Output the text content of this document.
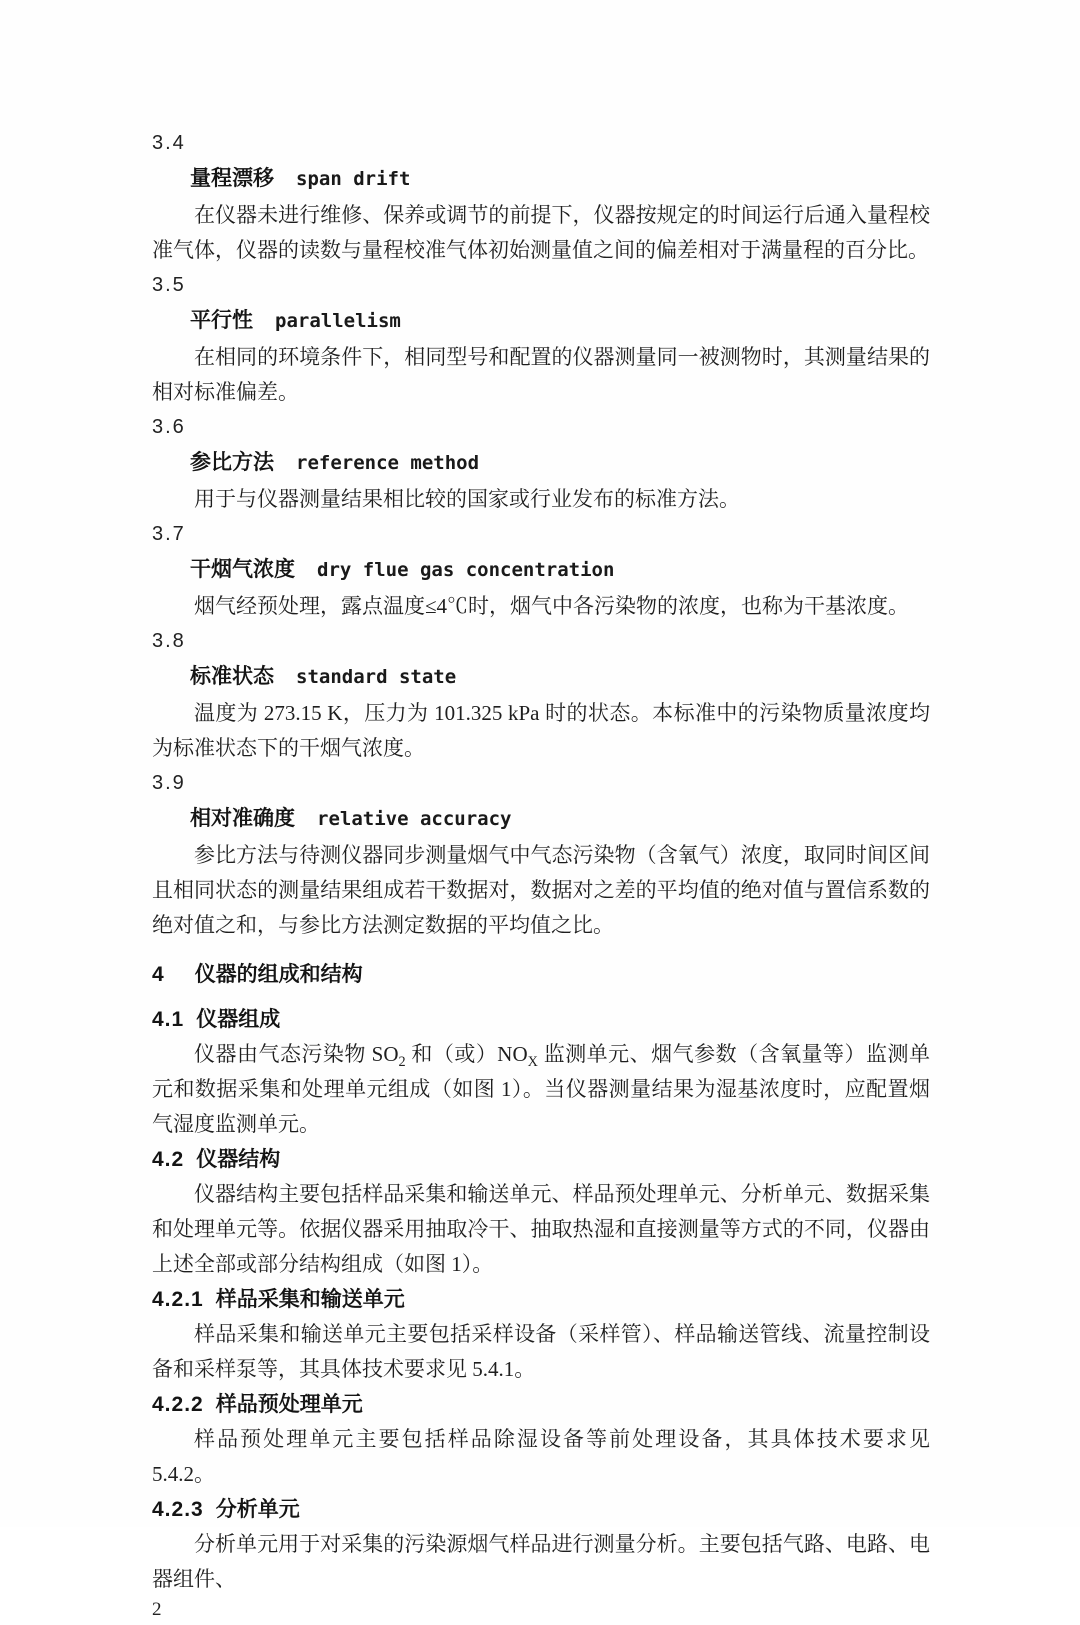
3.4
量程漂移 span drift

在仪器未进行维修、保养或调节的前提下，仪器按规定的时间运行后通入量程校准气体，仪器的读数与量程校准气体初始测量值之间的偏差相对于满量程的百分比。

3.5
平行性 parallelism

在相同的环境条件下，相同型号和配置的仪器测量同一被测物时，其测量结果的相对标准偏差。

3.6
参比方法 reference method

用于与仪器测量结果相比较的国家或行业发布的标准方法。

3.7
干烟气浓度 dry flue gas concentration

烟气经预处理，露点温度≤4℃时，烟气中各污染物的浓度，也称为干基浓度。

3.8
标准状态 standard state

温度为 273.15 K，压力为 101.325 kPa 时的状态。本标准中的污染物质量浓度均为标准状态下的干烟气浓度。

3.9
相对准确度 relative accuracy

参比方法与待测仪器同步测量烟气中气态污染物（含氧气）浓度，取同时间区间且相同状态的测量结果组成若干数据对，数据对之差的平均值的绝对值与置信系数的绝对值之和，与参比方法测定数据的平均值之比。

4 仪器的组成和结构
4.1 仪器组成

仪器由气态污染物 $SO_2$ 和（或）$NO_X$ 监测单元、烟气参数（含氧量等）监测单元和数据采集和处理单元组成（如图 1）。当仪器测量结果为湿基浓度时，应配置烟气湿度监测单元。

4.2 仪器结构

仪器结构主要包括样品采集和输送单元、样品预处理单元、分析单元、数据采集和处理单元等。依据仪器采用抽取冷干、抽取热湿和直接测量等方式的不同，仪器由上述全部或部分结构组成（如图 1）。

4.2.1 样品采集和输送单元

样品采集和输送单元主要包括采样设备（采样管）、样品输送管线、流量控制设备和采样泵等，其具体技术要求见 5.4.1。

4.2.2 样品预处理单元

样品预处理单元主要包括样品除湿设备等前处理设备，其具体技术要求见 5.4.2。

4.2.3 分析单元

分析单元用于对采集的污染源烟气样品进行测量分析。主要包括气路、电路、电器组件、

2
